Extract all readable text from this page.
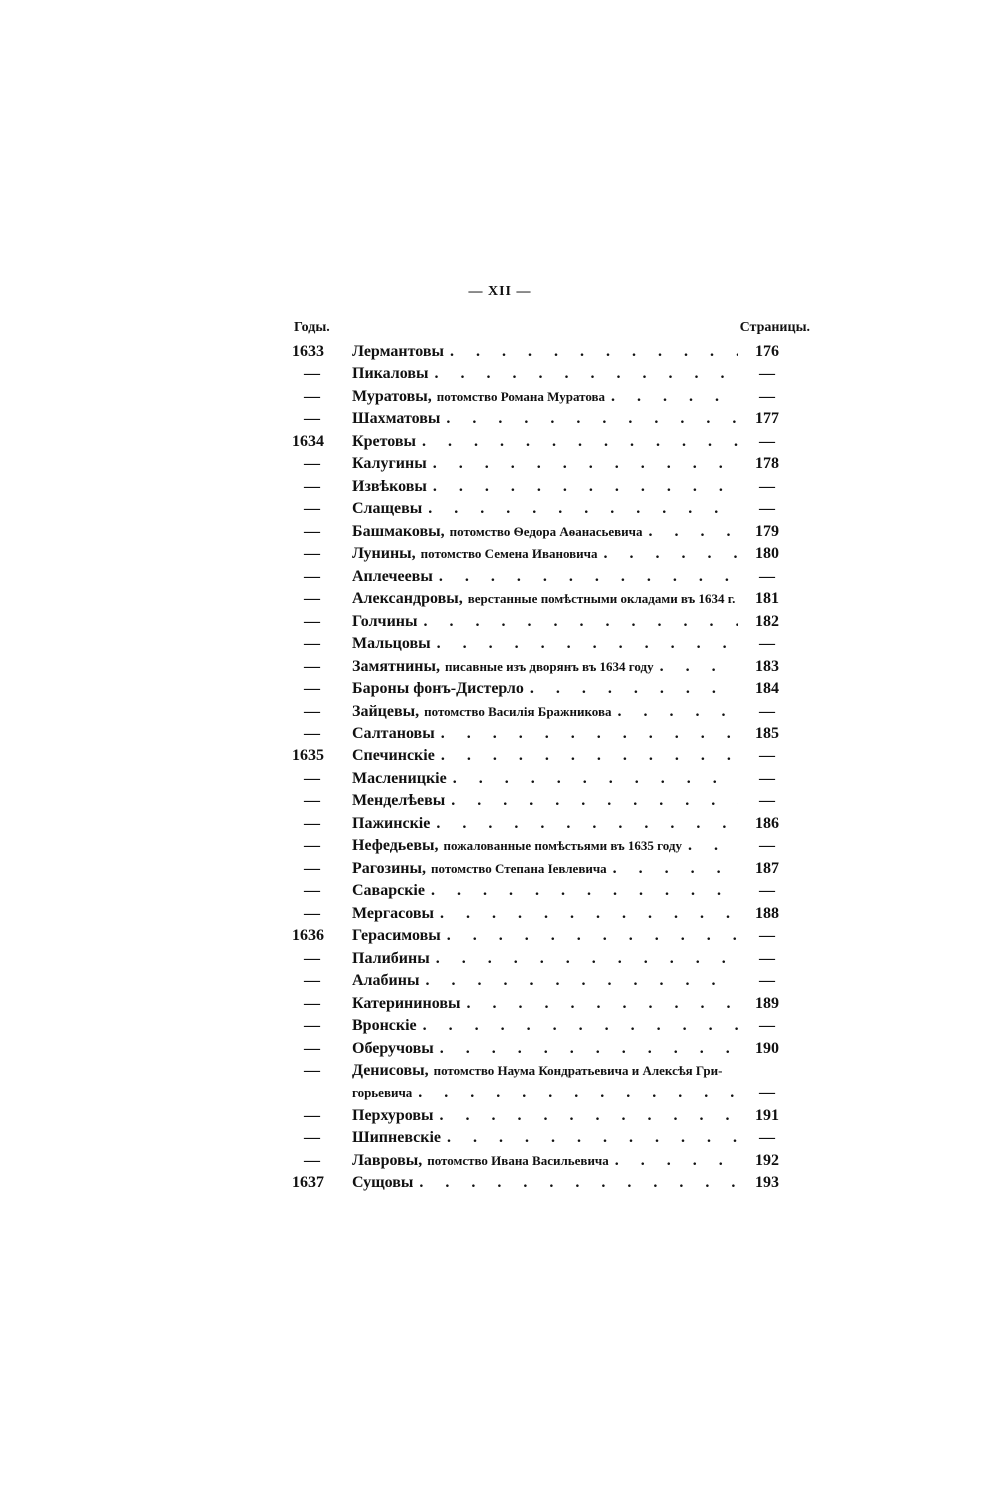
— XII —
Годы.	Страницы.
1633	Лермантовы . . .	176
—	Пикаловы . . .	—
—	Муратовы, потомство Романа Муратова . . .	—
—	Шахматовы . . .	177
1634	Кретовы . . .	—
—	Калугины . . .	178
—	Извѣковы . . .	—
—	Слащевы . . .	—
—	Башмаковы, потомство Ѳедора Аѳанасьевича . . .	179
—	Лунины, потомство Семена Ивановича . . .	180
—	Аплечеевы . . .	—
—	Александровы, верстанные помѣстными окладами въ 1634 г.	181
—	Голчины . . .	182
—	Мальцовы . . .	—
—	Замятнины, писавные изъ дворянъ въ 1634 году . . .	183
—	Бароны фонъ-Дистерло . . .	184
—	Зайцевы, потомство Василія Бражникова . . .	—
—	Салтановы . . .	185
1635	Спечинскіе . . .	—
—	Масленицкіе . . .	—
—	Менделѣевы . . .	—
—	Пажинскіе . . .	186
—	Нефедьевы, пожалованные помѣстьями въ 1635 году . . .	—
—	Рагозины, потомство Степана Іевлевича . . .	187
—	Саварскіе . . .	—
—	Мергасовы . . .	188
1636	Герасимовы . . .	—
—	Палибины . . .	—
—	Алабины . . .	—
—	Катерининовы . . .	189
—	Вронскіе . . .	—
—	Оберучовы . . .	190
—	Денисовы, потомство Наума Кондратьевича и Алексѣя Гри-
горьевича . . .	—
—	Перхуровы . . .	191
—	Шипневскіе . . .	—
—	Лавровы, потомство Ивана Васильевича . . .	192
1637	Сущовы . . .	193
